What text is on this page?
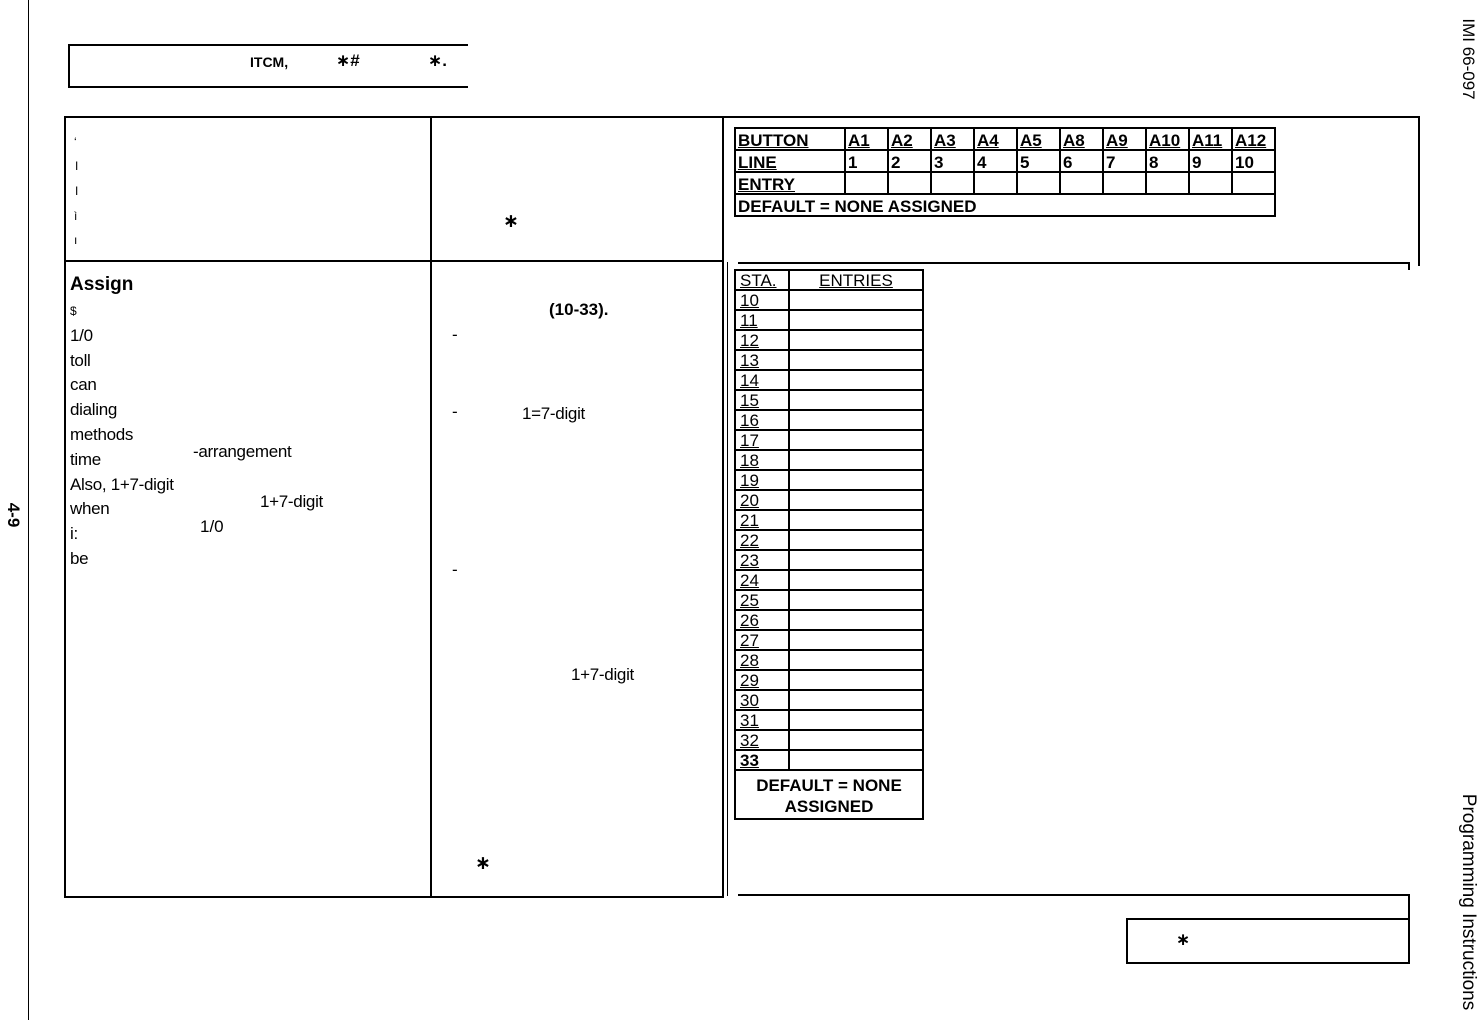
ITCM,	∗#	∗.
∗
‘
I
I
ì
ı
∗
BUTTON	A1	A2	A3	A4	A5	A8	A9	A10	A11	A12
LINE	1	2	3	4	5	6	7	8	9	10
ENTRY										
DEFAULT = NONE ASSIGNED										
Assign
$
1/0
toll
can
dialing
methods
time
Also, 1+7-digit
when
i:
be
-arrangement
1+7-digit
1/0
(10-33).
-
-	1=7-digit
-
1+7-digit
∗
STA.	ENTRIES
10	
11	
12	
13	
14	
15	
16	
17	
18	
19	
20	
21	
22	
23	
24	
25	
26	
27	
28	
29	
30	
31	
32	
33	

DEFAULT = NONE
ASSIGNED	
IMI 66-097
Programming Instructions
4-9
